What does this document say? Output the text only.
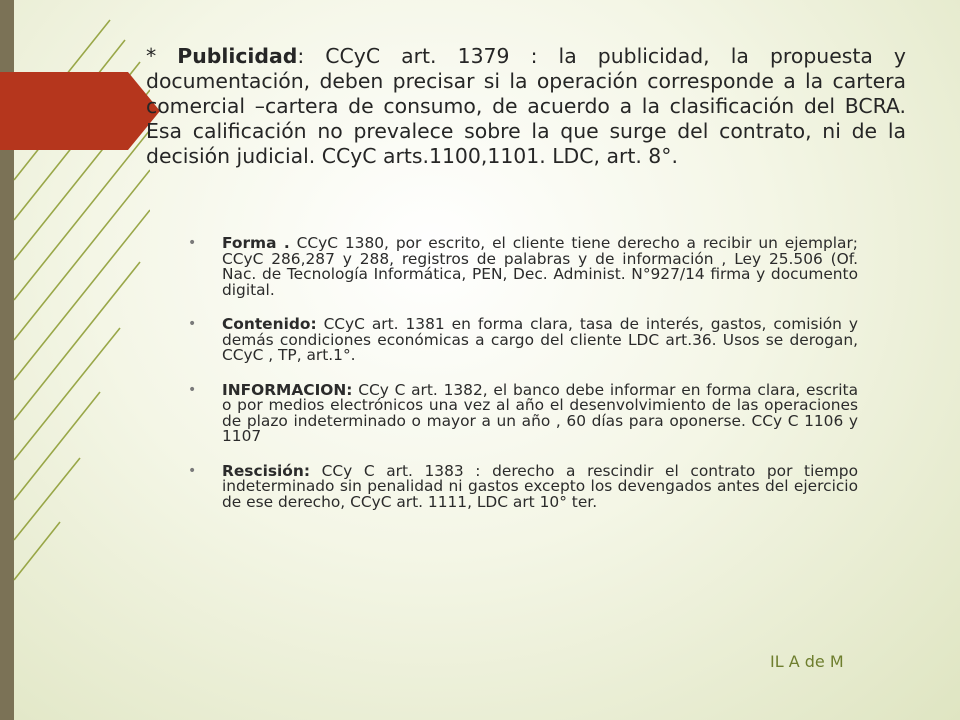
* Publicidad: CCyC art. 1379 : la publicidad, la propuesta y documentación, deben precisar si la operación corresponde a la cartera comercial –cartera de consumo, de acuerdo a la clasificación del BCRA. Esa calificación no prevalece sobre la que surge del contrato, ni de la decisión judicial. CCyC arts.1100,1101. LDC, art. 8°.
• Forma . CCyC 1380, por escrito, el cliente tiene derecho a recibir un ejemplar; CCyC 286,287 y 288, registros de palabras y de información , Ley 25.506 (Of. Nac. de Tecnología Informática, PEN, Dec. Administ. N°927/14 firma y documento digital.
• Contenido: CCyC art. 1381 en forma clara, tasa de interés, gastos, comisión y demás condiciones económicas a cargo del cliente LDC art.36. Usos se derogan, CCyC , TP, art.1°.
• INFORMACION: CCy C art. 1382, el banco debe informar en forma clara, escrita o por medios electrónicos una vez al año el desenvolvimiento de las operaciones de plazo indeterminado o mayor a un año , 60 días para oponerse. CCy C 1106 y 1107
• Rescisión: CCy C art. 1383 : derecho a rescindir el contrato por tiempo indeterminado sin penalidad ni gastos excepto los devengados antes del ejercicio de ese derecho, CCyC art. 1111, LDC art 10° ter.
IL A de M
